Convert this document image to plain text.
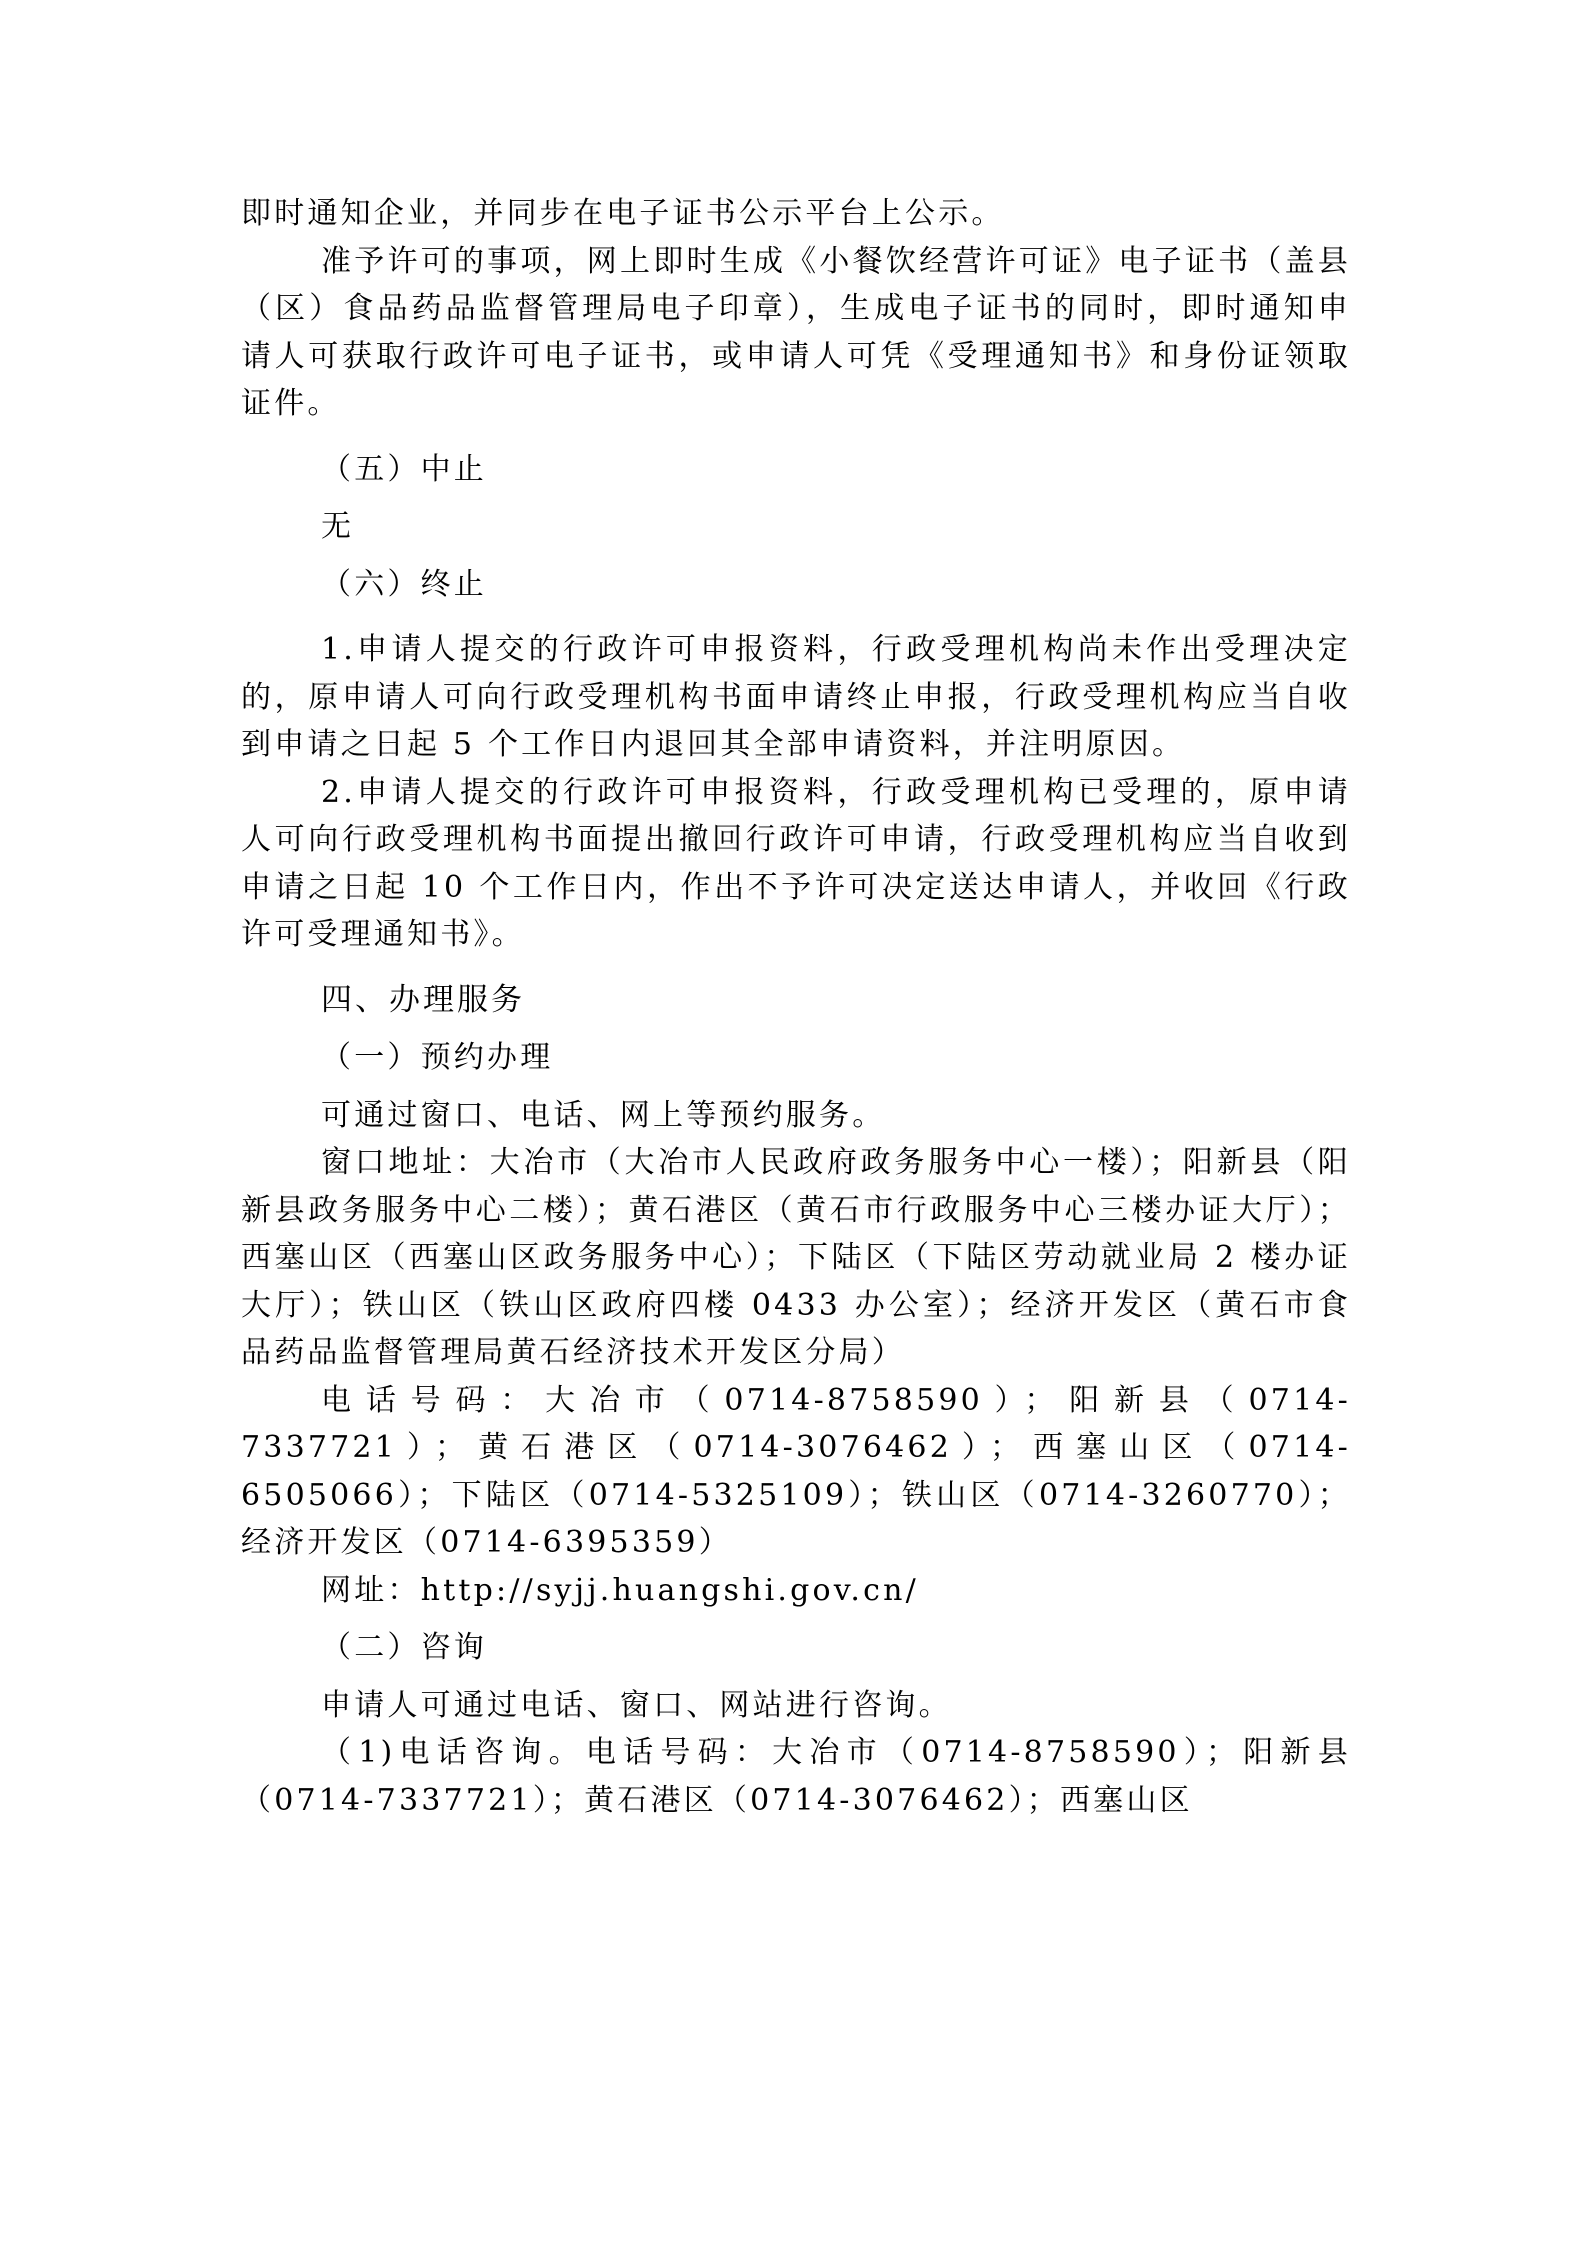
即时通知企业，并同步在电子证书公示平台上公示。

准予许可的事项，网上即时生成《小餐饮经营许可证》电子证书（盖县（区）食品药品监督管理局电子印章），生成电子证书的同时，即时通知申请人可获取行政许可电子证书，或申请人可凭《受理通知书》和身份证领取证件。

（五）中止

无

（六）终止

1.申请人提交的行政许可申报资料，行政受理机构尚未作出受理决定的，原申请人可向行政受理机构书面申请终止申报，行政受理机构应当自收到申请之日起 5 个工作日内退回其全部申请资料，并注明原因。

2.申请人提交的行政许可申报资料，行政受理机构已受理的，原申请人可向行政受理机构书面提出撤回行政许可申请，行政受理机构应当自收到申请之日起 10 个工作日内，作出不予许可决定送达申请人，并收回《行政许可受理通知书》。

四、办理服务

（一）预约办理

可通过窗口、电话、网上等预约服务。

窗口地址：大冶市（大冶市人民政府政务服务中心一楼）；阳新县（阳新县政务服务中心二楼）；黄石港区（黄石市行政服务中心三楼办证大厅）；西塞山区（西塞山区政务服务中心）；下陆区（下陆区劳动就业局 2 楼办证大厅）；铁山区（铁山区政府四楼 0433 办公室）；经济开发区（黄石市食品药品监督管理局黄石经济技术开发区分局）

电话号码：大冶市（0714-8758590）；阳新县（0714-7337721）；黄石港区（0714-3076462）；西塞山区（0714-6505066）；下陆区（0714-5325109）；铁山区（0714-3260770）；经济开发区（0714-6395359）

网址：http://syjj.huangshi.gov.cn/

（二）咨询

申请人可通过电话、窗口、网站进行咨询。

（1)电话咨询。电话号码：大冶市（0714-8758590）；阳新县（0714-7337721）；黄石港区（0714-3076462）；西塞山区
